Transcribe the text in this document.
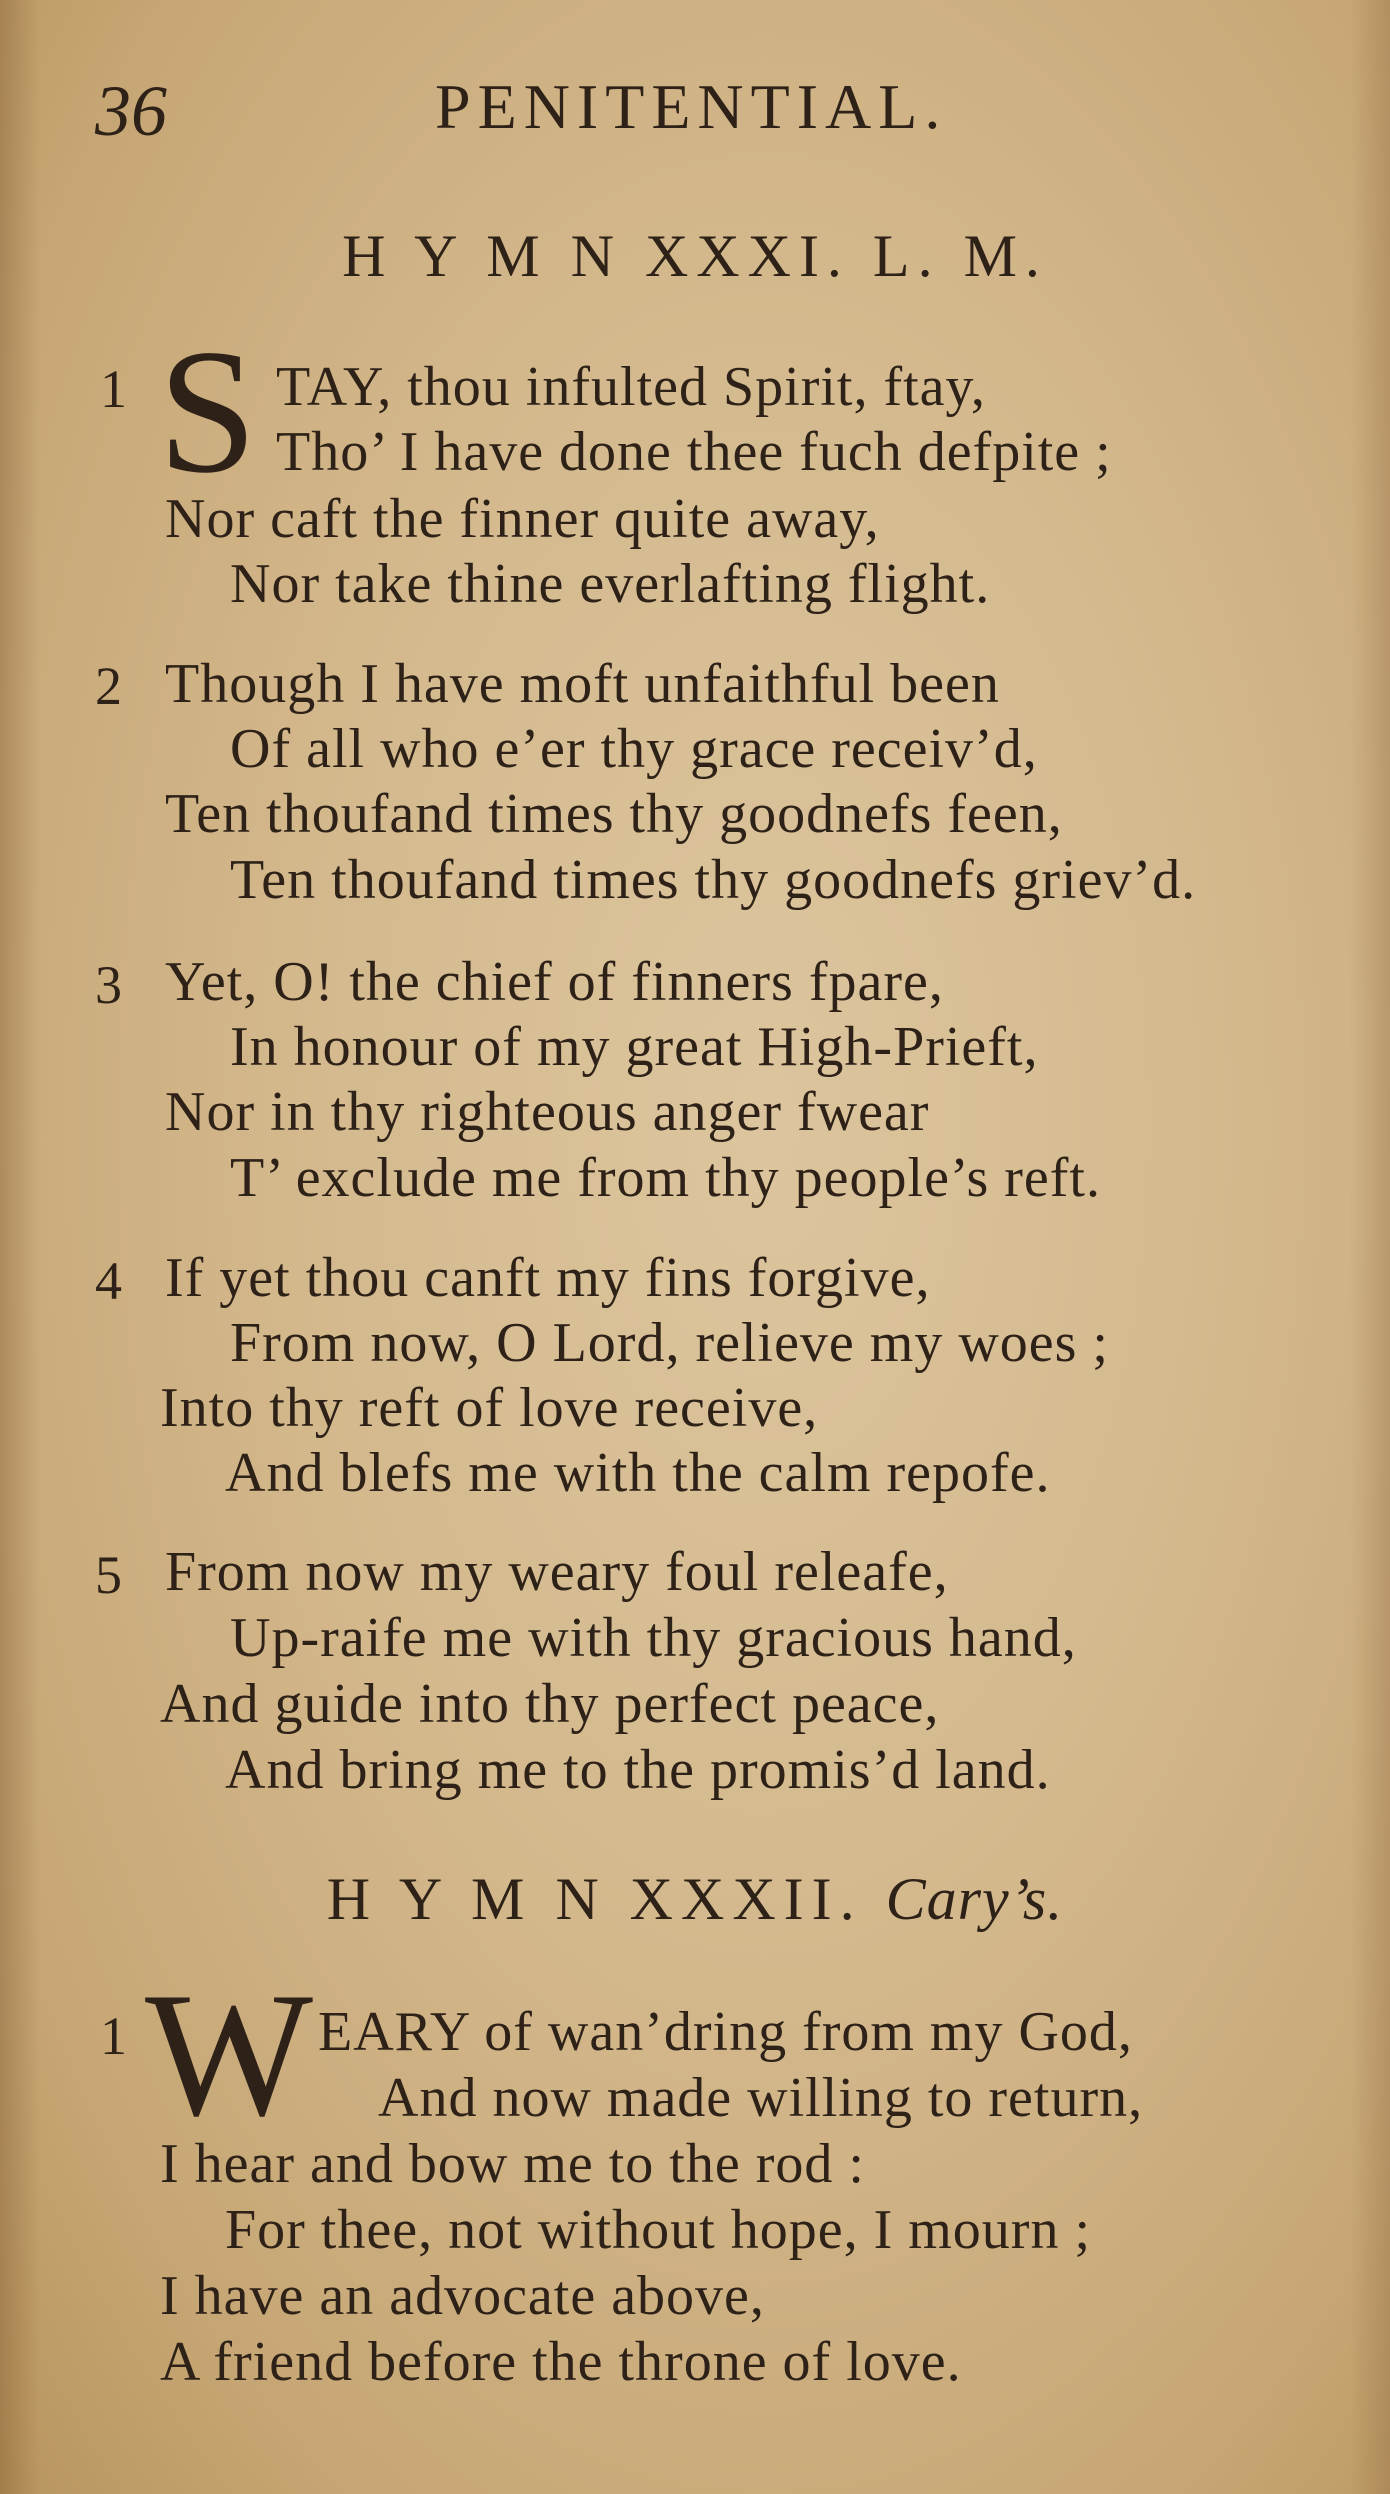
36	PENITENTIAL.
H Y M N XXXI. L. M.
1 S TAY, thou infulted Spirit, ftay,
Tho’ I have done thee fuch defpite ;
Nor caft the finner quite away,
Nor take thine everlafting flight.
2 Though I have moft unfaithful been
Of all who e’er thy grace receiv’d,
Ten thoufand times thy goodnefs feen,
Ten thoufand times thy goodnefs griev’d.
3 Yet, O! the chief of finners fpare,
In honour of my great High-Prieft,
Nor in thy righteous anger fwear
T’ exclude me from thy people’s reft.
4 If yet thou canft my fins forgive,
From now, O Lord, relieve my woes ;
Into thy reft of love receive,
And blefs me with the calm repofe.
5 From now my weary foul releafe,
Up-raife me with thy gracious hand,
And guide into thy perfect peace,
And bring me to the promis’d land.
H Y M N XXXII. Cary’s.
1 W EARY of wan’dring from my God,
And now made willing to return,
I hear and bow me to the rod :
For thee, not without hope, I mourn ;
I have an advocate above,
A friend before the throne of love.
